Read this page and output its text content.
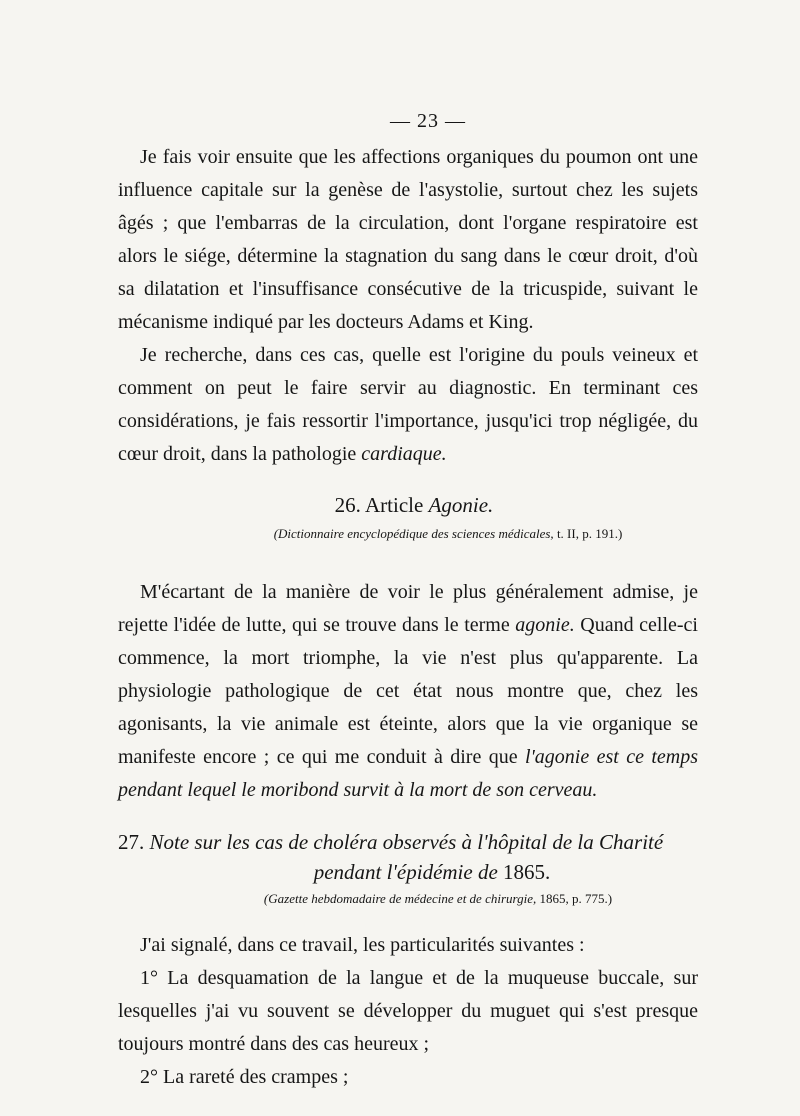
— 23 —

Je fais voir ensuite que les affections organiques du poumon ont une influence capitale sur la genèse de l'asystolie, surtout chez les sujets âgés ; que l'embarras de la circulation, dont l'organe respiratoire est alors le siége, détermine la stagnation du sang dans le cœur droit, d'où sa dilatation et l'insuffisance consécutive de la tricuspide, suivant le mécanisme indiqué par les docteurs Adams et King.

Je recherche, dans ces cas, quelle est l'origine du pouls veineux et comment on peut le faire servir au diagnostic. En terminant ces considérations, je fais ressortir l'importance, jusqu'ici trop négligée, du cœur droit, dans la pathologie cardiaque.

26. Article Agonie.
(Dictionnaire encyclopédique des sciences médicales, t. II, p. 191.)

M'écartant de la manière de voir le plus généralement admise, je rejette l'idée de lutte, qui se trouve dans le terme agonie. Quand celle-ci commence, la mort triomphe, la vie n'est plus qu'apparente. La physiologie pathologique de cet état nous montre que, chez les agonisants, la vie animale est éteinte, alors que la vie organique se manifeste encore ; ce qui me conduit à dire que l'agonie est ce temps pendant lequel le moribond survit à la mort de son cerveau.

27. Note sur les cas de choléra observés à l'hôpital de la Charité
pendant l'épidémie de 1865.
(Gazette hebdomadaire de médecine et de chirurgie, 1865, p. 775.)

J'ai signalé, dans ce travail, les particularités suivantes :

1° La desquamation de la langue et de la muqueuse buccale, sur lesquelles j'ai vu souvent se développer du muguet qui s'est presque toujours montré dans des cas heureux ;

2° La rareté des crampes ;
